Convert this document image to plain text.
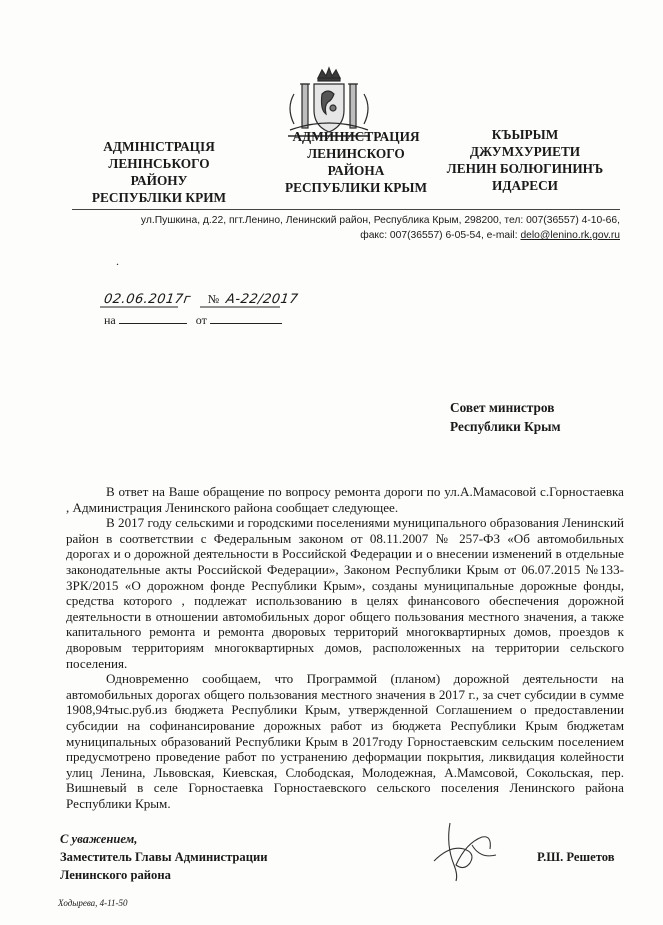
АДМІНІСТРАЦІЯ
ЛЕНІНСЬКОГО
РАЙОНУ
РЕСПУБЛІКИ КРИМ
АДМИНИСТРАЦИЯ
ЛЕНИНСКОГО
РАЙОНА
РЕСПУБЛИКИ КРЫМ
КЪЫРЫМ
ДЖУМХУРИЕТИ
ЛЕНИН БОЛЮГИНИНЪ
ИДАРЕСИ
ул.Пушкина, д.22, пгт.Ленино, Ленинский район, Республика Крым, 298200, тел: 007(36557) 4-10-66,
факс: 007(36557) 6-05-54, e-mail: delo@lenino.rk.gov.ru
.
02.06.2017г № А-22/2017
на	от
Совет министров
Республики Крым

В ответ на Ваше обращение по вопросу ремонта дороги по ул.А.Мамасовой с.Горностаевка , Администрация Ленинского района сообщает следующее.

В 2017 году сельскими и городскими поселениями муниципального образования Ленинский район в соответствии с Федеральным законом от 08.11.2007 № 257-ФЗ «Об автомобильных дорогах и о дорожной деятельности в Российской Федерации и о внесении изменений в отдельные законодательные акты Российской Федерации», Законом Республики Крым от 06.07.2015 №133-ЗРК/2015 «О дорожном фонде Республики Крым», созданы муниципальные дорожные фонды, средства которого , подлежат использованию в целях финансового обеспечения дорожной деятельности в отношении автомобильных дорог общего пользования местного значения, а также капитального ремонта и ремонта дворовых территорий многоквартирных домов, проездов к дворовым территориям многоквартирных домов, расположенных на территории сельского поселения.

Одновременно сообщаем, что Программой (планом) дорожной деятельности на автомобильных дорогах общего пользования местного значения в 2017 г., за счет субсидии в сумме 1908,94тыс.руб.из бюджета Республики Крым, утвержденной Соглашением о предоставлении субсидии на софинансирование дорожных работ из бюджета Республики Крым бюджетам муниципальных образований Республики Крым в 2017году Горностаевским сельским поселением предусмотрено проведение работ по устранению деформации покрытия, ликвидация колейности улиц Ленина, Львовская, Киевская, Слободская, Молодежная, А.Мамсовой, Сокольская, пер. Вишневый в селе Горностаевка Горностаевского сельского поселения Ленинского района Республики Крым.

С уважением,
Заместитель Главы Администрации
Ленинского района
Р.Ш. Решетов
Ходырева, 4-11-50
